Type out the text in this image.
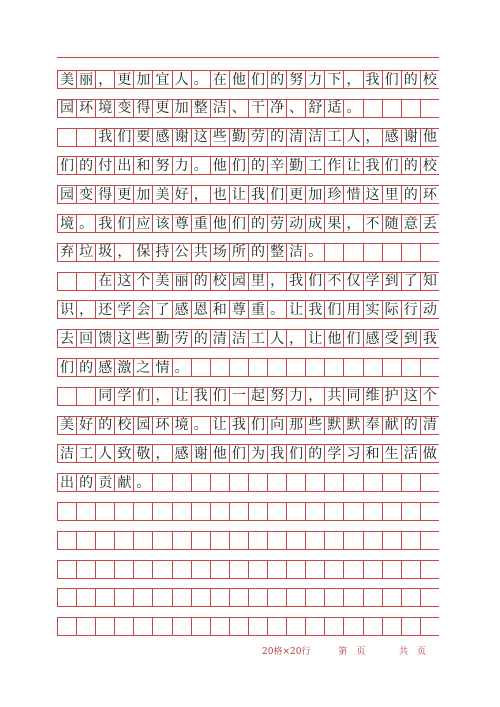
美 丽 ， 更 加 宜 人 。 在 他 们 的 努 力 下 ， 我 们 的 校
园 环 境 变 得 更 加 整 洁 、 干 净 、 舒 适 。
我 们 要 感 谢 这 些 勤 劳 的 清 洁 工 人 ， 感 谢 他
们 的 付 出 和 努 力 。 他 们 的 辛 勤 工 作 让 我 们 的 校
园 变 得 更 加 美 好 ， 也 让 我 们 更 加 珍 惜 这 里 的 环
境 。 我 们 应 该 尊 重 他 们 的 劳 动 成 果 ， 不 随 意 丢
弃 垃 圾 ， 保 持 公 共 场 所 的 整 洁 。
在 这 个 美 丽 的 校 园 里 ， 我 们 不 仅 学 到 了 知
识 ， 还 学 会 了 感 恩 和 尊 重 。 让 我 们 用 实 际 行 动
去 回 馈 这 些 勤 劳 的 清 洁 工 人 ， 让 他 们 感 受 到 我
们 的 感 激 之 情 。
同 学 们 ， 让 我 们 一 起 努 力 ， 共 同 维 护 这 个
美 好 的 校 园 环 境 。 让 我 们 向 那 些 默 默 奉 献 的 清
洁 工 人 致 敬 ， 感 谢 他 们 为 我 们 的 学 习 和 生 活 做
出 的 贡 献 。
20格×20行	第　页	共　页
